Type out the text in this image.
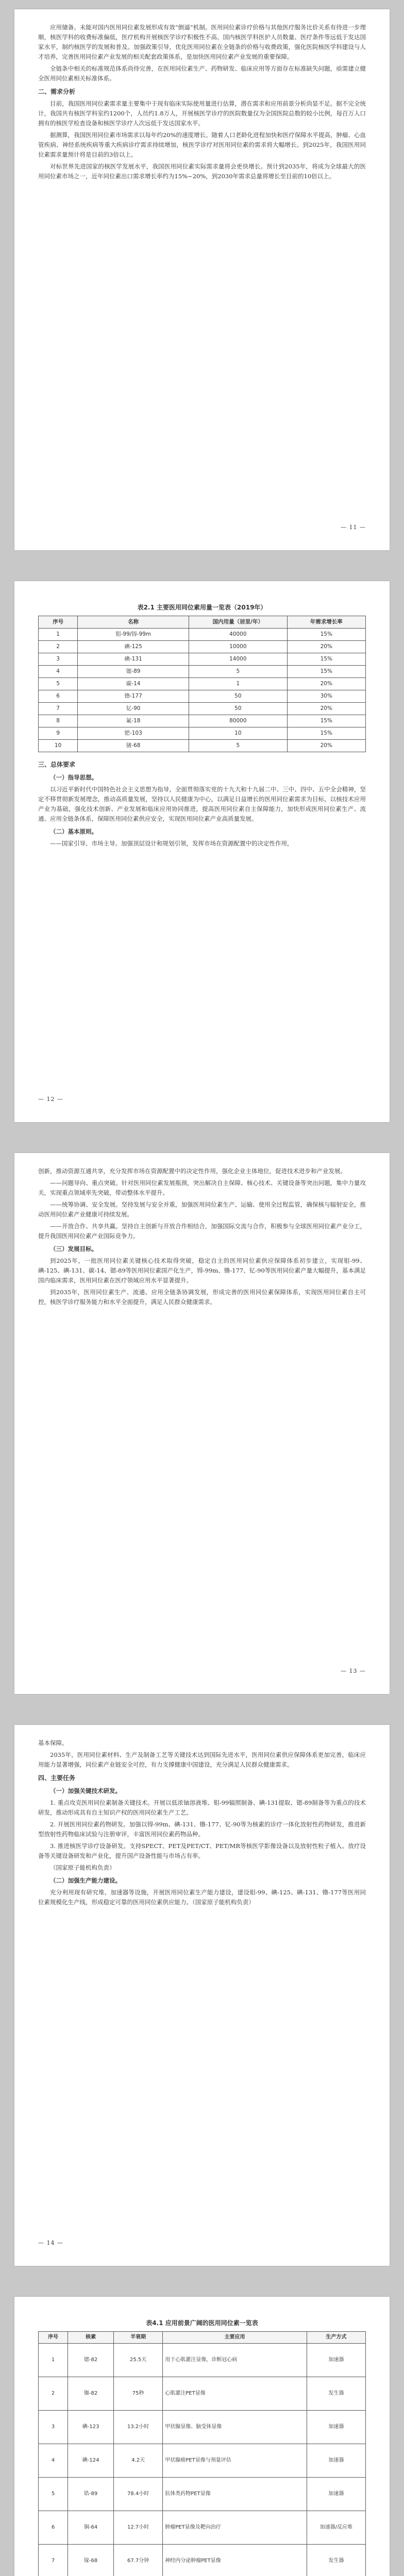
应用储备。未能对国内医用同位素发展形成有效“倒逼”机制。医用同位素诊疗价格与其他医疗服务比价关系有待进一步理顺，核医学科的收费标准偏低，医疗机构开展核医学诊疗积极性不高。国内核医学科医护人员数量、医疗条件等远低于发达国家水平，制约核医学的发展和普及。加强政策引导，优化医用同位素在全链条的价格与收费政策，强化医院核医学科建设与人才培养，完善医用同位素产业发展的相关配套政策体系，是加快医用同位素产业发展的重要保障。

全链条中相关的标准规范体系尚待完善，在医用同位素生产、药物研发、临床应用等方面存在标准缺失问题，亟需建立健全医用同位素相关标准体系。

二、需求分析

目前，我国医用同位素需求量主要集中于现有临床实际使用量进行估算，潜在需求和应用前景分析尚显不足。据不完全统计，我国共有核医学科室约1200个，人员约1.8万人，开展核医学诊疗的医院数量仅为全国医院总数的较小比例，每百万人口拥有的核医学检查设备和核医学诊疗人次远低于发达国家水平。

据测算，我国医用同位素市场需求以每年约20%的速度增长。随着人口老龄化进程加快和医疗保障水平提高，肿瘤、心血管疾病、神经系统疾病等重大疾病诊疗需求持续增加，核医学诊疗对医用同位素的需求将大幅增长。到2025年，我国医用同位素需求量预计将是目前的3倍以上。

对标世界先进国家的核医学发展水平，我国医用同位素实际需求量将会更快增长。预计到2035年，将成为全球最大的医用同位素市场之一，近年同位素出口需求增长率约为15%~20%，到2030年需求总量将增长至目前的10倍以上。

— 11 —
表2.1 主要医用同位素用量一览表（2019年）
序号	名称	国内用量（居里/年）	年需求增长率
1	钼-99/锝-99m	40000	15%
2	碘-125	10000	20%
3	碘-131	14000	15%
4	锶-89	5	15%
5	碳-14	1	20%
6	镥-177	50	30%
7	钇-90	50	20%
8	氟-18	80000	15%
9	钯-103	10	15%
10	锗-68	5	20%
三、总体要求
（一）指导思想。

以习近平新时代中国特色社会主义思想为指导，全面贯彻落实党的十九大和十九届二中、三中、四中、五中全会精神，坚定不移贯彻新发展理念，推动高质量发展，坚持以人民健康为中心，以满足日益增长的医用同位素需求为目标，以核技术应用产业为基础，强化技术创新、产业发展和临床应用协同推进，提高医用同位素自主保障能力，加快形成医用同位素生产、流通、应用全链条体系，保障医用同位素供应安全，实现医用同位素产业高质量发展。

（二）基本原则。

——国家引导、市场主导。加强顶层设计和规划引领，发挥市场在资源配置中的决定性作用，

— 12 —

创新，推动资源互通共享，充分发挥市场在资源配置中的决定性作用，强化企业主体地位，促进技术进步和产业发展。

——问题导向、重点突破。针对医用同位素发展瓶颈，突出解决自主保障、核心技术、关键设备等突出问题，集中力量攻关，实现重点领域率先突破，带动整体水平提升。

——统筹协调、安全发展。坚持发展与安全并重，加强医用同位素生产、运输、使用全过程监管，确保核与辐射安全，推动医用同位素产业健康可持续发展。

——开放合作、共享共赢。坚持自主创新与开放合作相结合，加强国际交流与合作，积极参与全球医用同位素产业分工，提升我国医用同位素产业国际竞争力。

（三）发展目标。

到2025年，一批医用同位素关键核心技术取得突破，稳定自主的医用同位素供应保障体系初步建立，实现钼-99、碘-125、碘-131、碳-14、锶-89等医用同位素国产化生产，锝-99m、镥-177、钇-90等医用同位素产量大幅提升，基本满足国内临床需求，医用同位素在医疗领域应用水平显著提升。

到2035年，医用同位素生产、流通、应用全链条协调发展，形成完善的医用同位素保障体系，实现医用同位素自主可控，核医学诊疗服务能力和水平全面提升，满足人民群众健康需求。

— 13 —

基本保障。

2035年，医用同位素材料、生产及制备工艺等关键技术达到国际先进水平，医用同位素供应保障体系更加完善，临床应用能力显著增强，同位素产业链安全可控，有力支撑健康中国建设，充分满足人民群众健康需求。

四、主要任务
（一）加强关键技术研发。

1. 重点攻克医用同位素制备关键技术。开展以低浓铀溶液堆、钼-99辐照制备、碘-131提取、锶-89制备等为重点的技术研发，推动形成具有自主知识产权的医用同位素生产工艺。

2. 开展医用同位素药物研发。加强以锝-99m、碘-131、镥-177、钇-90等为核素的诊疗一体化放射性药物研发，推进新型放射性药物临床试验与注册审评，丰富医用同位素药物品种。

3. 推进核医学诊疗设备研发。支持SPECT、PET及PET/CT、PET/MR等核医学影像设备以及放射性粒子植入、放疗设备等关键设备研发和产业化，提升国产设备性能与市场占有率。

（国家原子能机构负责）

（二）加强生产能力建设。

充分利用现有研究堆、加速器等设施，开展医用同位素生产能力建设，建设钼-99、碘-125、碘-131、镥-177等医用同位素规模化生产线，形成稳定可靠的医用同位素供应能力。（国家原子能机构负责）

— 14 —
表4.1 应用前景广阔的医用同位素一览表
序号	核素	半衰期	主要应用	生产方式
1	锶-82	25.5天	用于心肌灌注显像，诊断冠心病	加速器
2	铷-82	75秒	心肌灌注PET显像	发生器
3	碘-123	13.2小时	甲状腺显像、脑受体显像	加速器
4	碘-124	4.2天	甲状腺癌PET显像与剂量评估	加速器
5	锆-89	78.4小时	抗体类药物PET显像	加速器
6	铜-64	12.7小时	肿瘤PET显像及靶向治疗	加速器/反应堆
7	镓-68	67.7分钟	神经内分泌肿瘤PET显像	发生器
